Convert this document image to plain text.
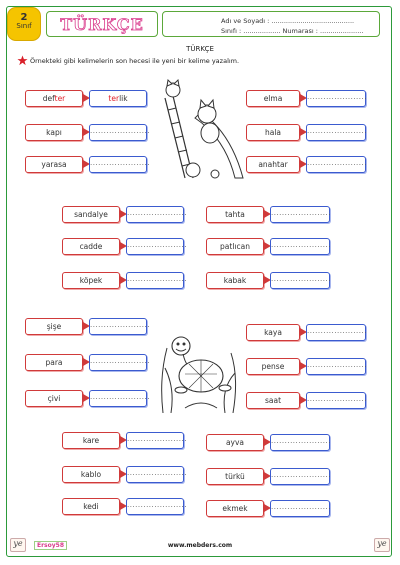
2
Sınıf	TÜRKÇE	Adı ve Soyadı : ........................................
Sınıfı : .................. Numarası : .....................
TÜRKÇE
Örnekteki gibi kelimelerin son hecesi ile yeni bir kelime yazalım.
defter	terlik
kapı	......................
yarasa	......................
elma	......................
hala	......................
anahtar	......................
sandalye	......................
cadde	......................
köpek	......................
tahta	......................
patlıcan	......................
kabak	......................
şişe	......................
para	......................
çivi	......................
kaya	......................
pense	......................
saat	......................
kare	......................
kablo	......................
kedi	......................
ayva	......................
türkü	......................
ekmek	......................
ye	Ersoy58	www.mebders.com	ye
